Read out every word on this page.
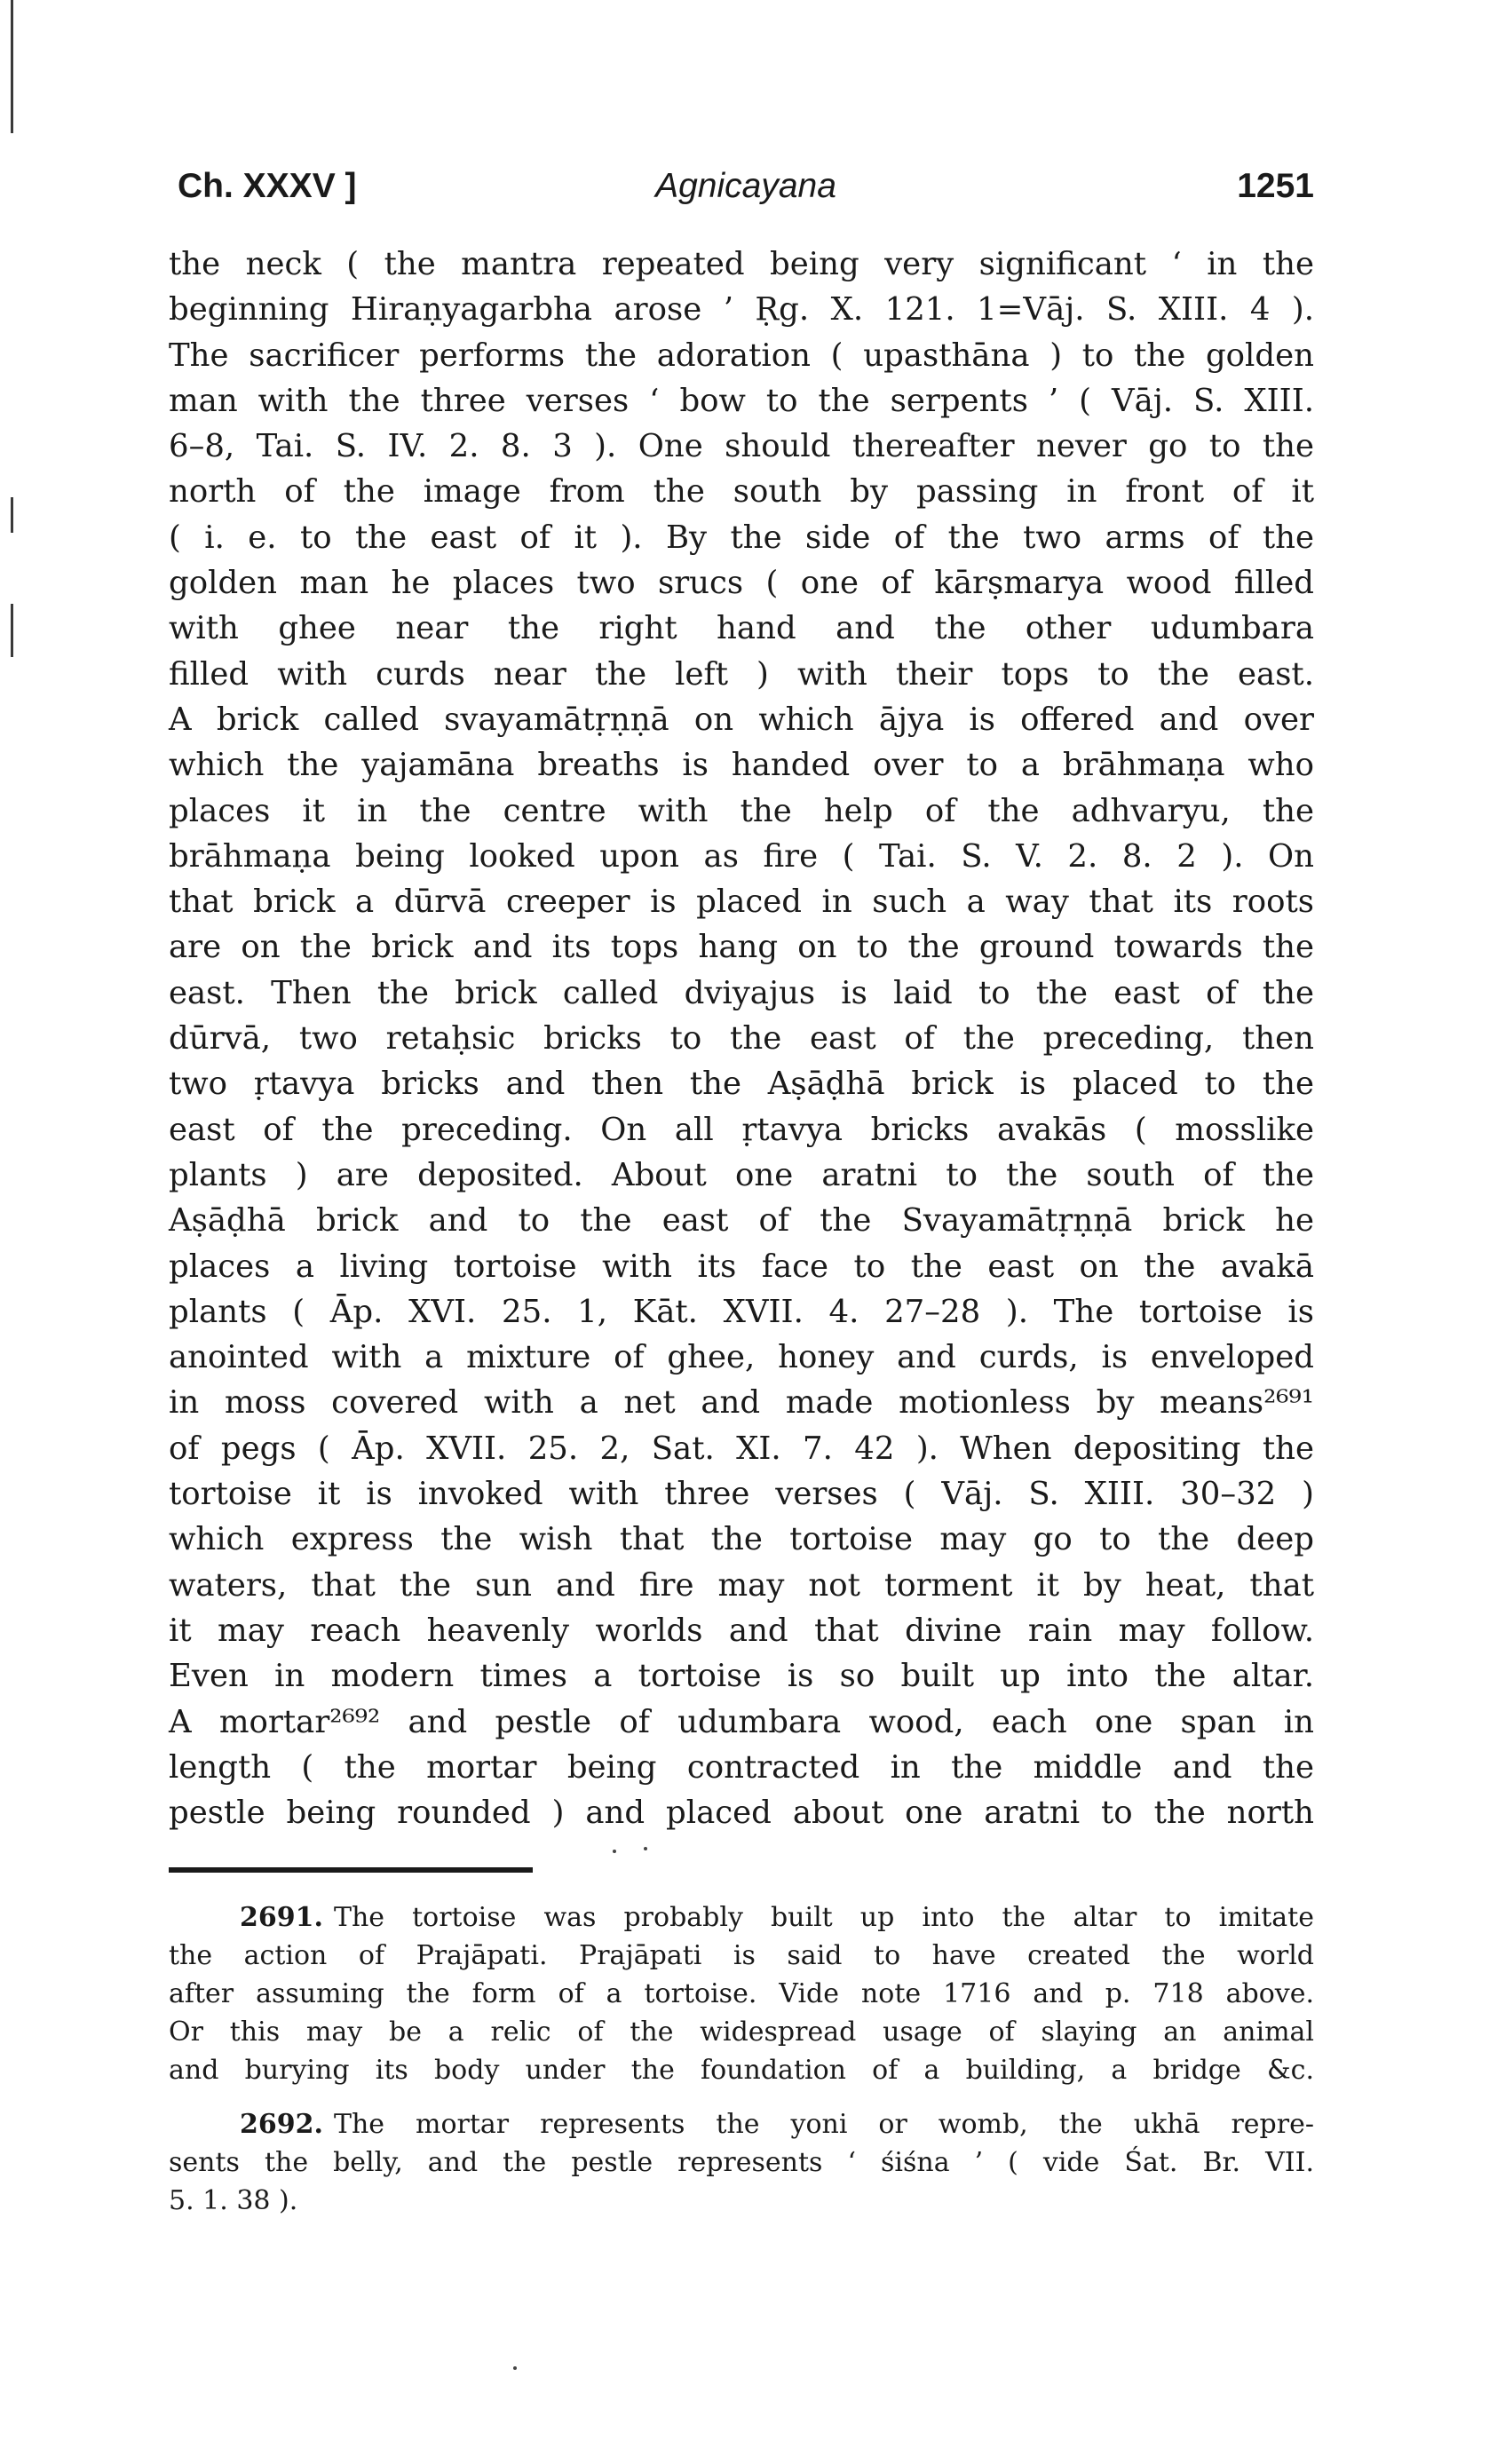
Ch. XXXV ]	Agnicayana	1251
the neck ( the mantra repeated being very significant ‘ in the
beginning Hiraṇyagarbha arose ’ Ṛg. X. 121. 1=Vāj. S. XIII. 4 ).
The sacrificer performs the adoration ( upasthāna ) to the golden
man with the three verses ‘ bow to the serpents ’ ( Vāj. S. XIII.
6–8, Tai. S. IV. 2. 8. 3 ). One should thereafter never go to the
north of the image from the south by passing in front of it
( i. e. to the east of it ). By the side of the two arms of the
golden man he places two srucs ( one of kārṣmarya wood filled
with ghee near the right hand and the other udumbara
filled with curds near the left ) with their tops to the east.
A brick called svayamātṛṇṇā on which ājya is offered and over
which the yajamāna breaths is handed over to a brāhmaṇa who
places it in the centre with the help of the adhvaryu, the
brāhmaṇa being looked upon as fire ( Tai. S. V. 2. 8. 2 ). On
that brick a dūrvā creeper is placed in such a way that its roots
are on the brick and its tops hang on to the ground towards the
east. Then the brick called dviyajus is laid to the east of the
dūrvā, two retaḥsic bricks to the east of the preceding, then
two ṛtavya bricks and then the Aṣāḍhā brick is placed to the
east of the preceding. On all ṛtavya bricks avakās ( mosslike
plants ) are deposited. About one aratni to the south of the
Aṣāḍhā brick and to the east of the Svayamātṛṇṇā brick he
places a living tortoise with its face to the east on the avakā
plants ( Āp. XVI. 25. 1, Kāt. XVII. 4. 27–28 ). The tortoise is
anointed with a mixture of ghee, honey and curds, is enveloped
in moss covered with a net and made motionless by means²⁶⁹¹
of pegs ( Āp. XVII. 25. 2, Sat. XI. 7. 42 ). When depositing the
tortoise it is invoked with three verses ( Vāj. S. XIII. 30–32 )
which express the wish that the tortoise may go to the deep
waters, that the sun and fire may not torment it by heat, that
it may reach heavenly worlds and that divine rain may follow.
Even in modern times a tortoise is so built up into the altar.
A mortar²⁶⁹² and pestle of udumbara wood, each one span in
length ( the mortar being contracted in the middle and the
pestle being rounded ) and placed about one aratni to the north
2691. The tortoise was probably built up into the altar to imitate
the action of Prajāpati. Prajāpati is said to have created the world
after assuming the form of a tortoise. Vide note 1716 and p. 718 above.
Or this may be a relic of the widespread usage of slaying an animal
and burying its body under the foundation of a building, a bridge &c.
2692. The mortar represents the yoni or womb, the ukhā repre-
sents the belly, and the pestle represents ‘ śiśna ’ ( vide Śat. Br. VII.
5. 1. 38 ).
